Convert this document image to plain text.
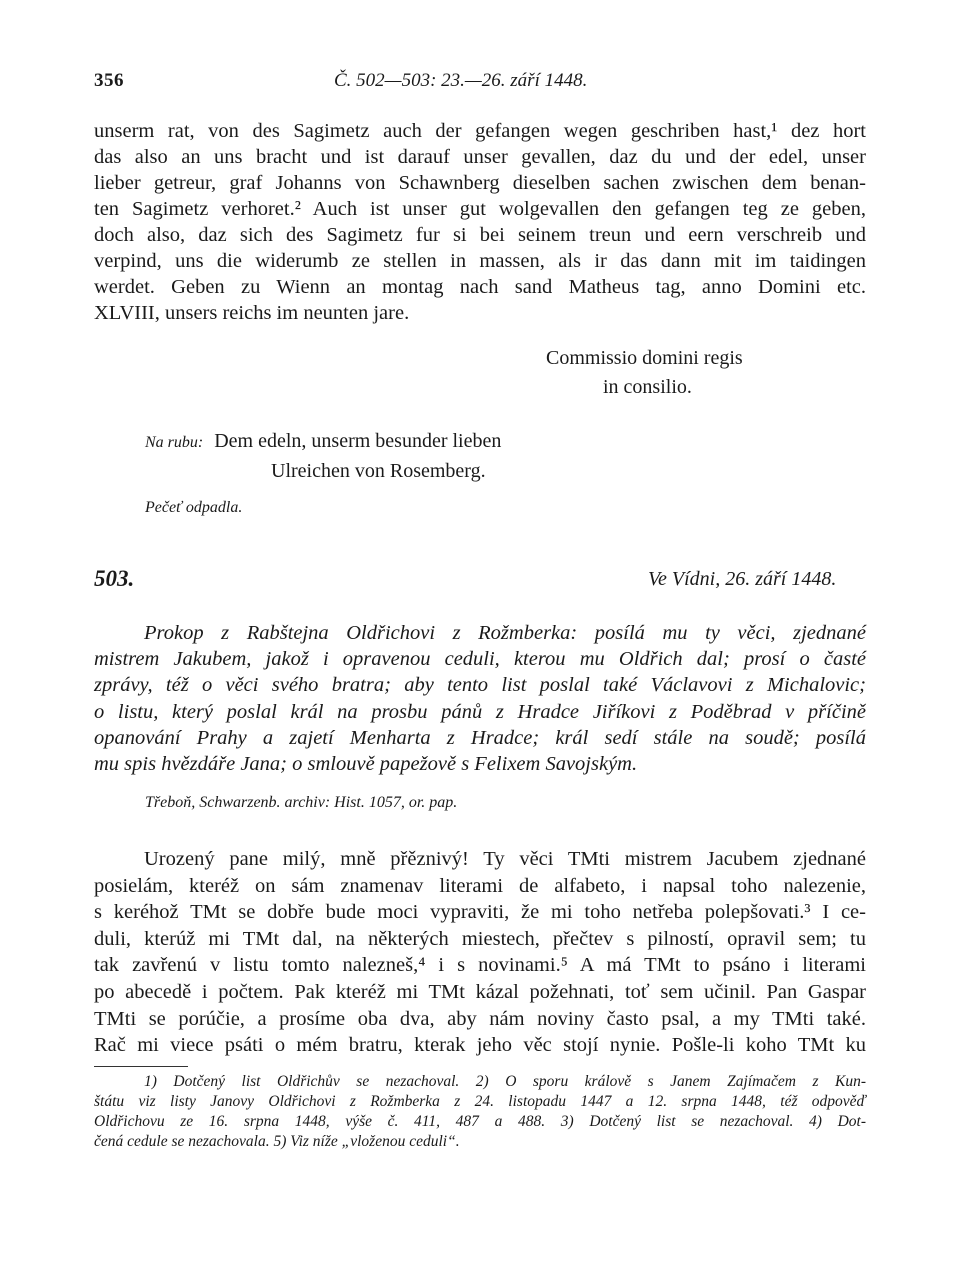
356	Č. 502—503: 23.—26. září 1448.
unserm rat, von des Sagimetz auch der gefangen wegen geschriben hast,¹ dez hort
das also an uns bracht und ist darauf unser gevallen, daz du und der edel, unser
lieber getreur, graf Johanns von Schawnberg dieselben sachen zwischen dem benan-
ten Sagimetz verhoret.² Auch ist unser gut wolgevallen den gefangen teg ze geben,
doch also, daz sich des Sagimetz fur si bei seinem treun und eern verschreib und
verpind, uns die widerumb ze stellen in massen, als ir das dann mit im taidingen
werdet. Geben zu Wienn an montag nach sand Matheus tag, anno Domini etc.
XLVIII, unsers reichs im neunten jare.
Commissio domini regis
in consilio.
Na rubu: Dem edeln, unserm besunder lieben
Ulreichen von Rosemberg.
Pečeť odpadla.
503.	Ve Vídni, 26. září 1448.
Prokop z Rabštejna Oldřichovi z Rožmberka: posílá mu ty věci, zjednané
mistrem Jakubem, jakož i opravenou ceduli, kterou mu Oldřich dal; prosí o časté
zprávy, též o věci svého bratra; aby tento list poslal také Václavovi z Michalovic;
o listu, který poslal král na prosbu pánů z Hradce Jiříkovi z Poděbrad v příčině
opanování Prahy a zajetí Menharta z Hradce; král sedí stále na soudě; posílá
mu spis hvězdáře Jana; o smlouvě papežově s Felixem Savojským.
Třeboň, Schwarzenb. archiv: Hist. 1057, or. pap.
Urozený pane milý, mně přěznivý! Ty věci TMti mistrem Jacubem zjednané
posielám, kteréž on sám znamenav literami de alfabeto, i napsal toho nalezenie,
s keréhož TMt se dobře bude moci vypraviti, že mi toho netřeba polepšovati.³ I ce-
duli, kterúž mi TMt dal, na některých miestech, přečtev s pilností, opravil sem; tu
tak zavřenú v listu tomto nalezneš,⁴ i s novinami.⁵ A má TMt to psáno i literami
po abecedě i počtem. Pak kteréž mi TMt kázal požehnati, toť sem učinil. Pan Gaspar
TMti se porúčie, a prosíme oba dva, aby nám noviny často psal, a my TMti také.
Rač mi viece psáti o mém bratru, kterak jeho věc stojí nynie. Pošle-li koho TMt ku
1) Dotčený list Oldřichův se nezachoval. 2) O sporu králově s Janem Zajímačem z Kun-
štátu viz listy Janovy Oldřichovi z Rožmberka z 24. listopadu 1447 a 12. srpna 1448, též odpověď
Oldřichovu ze 16. srpna 1448, výše č. 411, 487 a 488. 3) Dotčený list se nezachoval. 4) Dot-
čená cedule se nezachovala. 5) Viz níže „vloženou ceduli“.
